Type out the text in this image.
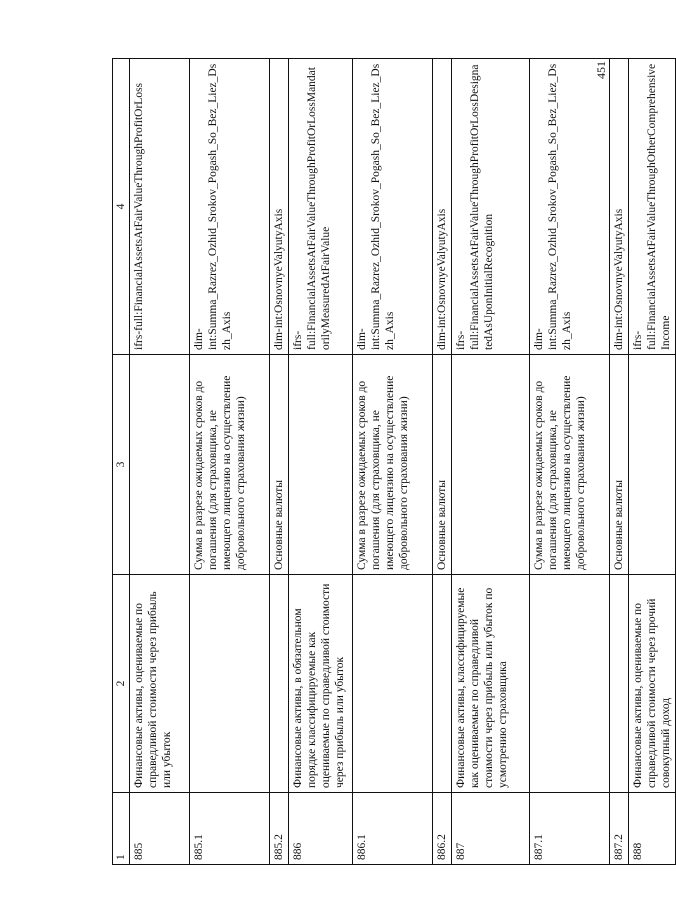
451
1	2	3	4
885	Финансовые активы, оцениваемые по справедливой стоимости через прибыль или убыток		ifrs-full:FinancialAssetsAtFairValueThroughProfitOrLoss
885.1		Сумма в разрезе ожидаемых сроков до погашения (для страховщика, не имеющего лицензию на осуществление добровольного страхования жизни)	dim-int:Summa_Razrez_Ozhid_Srokov_Pogash_So_Bez_Liez_Dszh_Axis
885.2		Основные валюты	dim-int:OsnovnyeValyutyAxis
886	Финансовые активы, в обязательном порядке классифицируемые как оцениваемые по справедливой стоимости через прибыль или убыток		ifrs-full:FinancialAssetsAtFairValueThroughProfitOrLossMandatorilyMeasuredAtFairValue
886.1		Сумма в разрезе ожидаемых сроков до погашения (для страховщика, не имеющего лицензию на осуществление добровольного страхования жизни)	dim-int:Summa_Razrez_Ozhid_Srokov_Pogash_So_Bez_Liez_Dszh_Axis
886.2		Основные валюты	dim-int:OsnovnyeValyutyAxis
887	Финансовые активы, классифицируемые как оцениваемые по справедливой стоимости через прибыль или убыток по усмотрению страховщика		ifrs-full:FinancialAssetsAtFairValueThroughProfitOrLossDesignatedAsUponInitialRecognition
887.1		Сумма в разрезе ожидаемых сроков до погашения (для страховщика, не имеющего лицензию на осуществление добровольного страхования жизни)	dim-int:Summa_Razrez_Ozhid_Srokov_Pogash_So_Bez_Liez_Dszh_Axis
887.2		Основные валюты	dim-int:OsnovnyeValyutyAxis
888	Финансовые активы, оцениваемые по справедливой стоимости через прочий совокупный доход		ifrs-full:FinancialAssetsAtFairValueThroughOtherComprehensiveIncome
